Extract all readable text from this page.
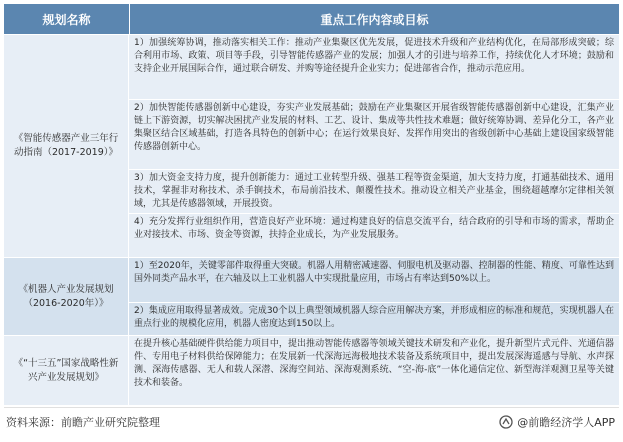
规划名称	重点工作内容或目标
《智能传感器产业三年行动指南（2017-2019）》
1）加强统筹协调，推动落实相关工作：推动产业集聚区优先发展，促进技术升级和产业结构优化，在局部形成突破；综合利用市场、政策、项目等手段，引导智能传感器产业的发展；加强人才的引进与培养工作，持续优化人才环境；鼓励和支持企业开展国际合作，通过联合研发、并购等途径提升企业实力；促进部省合作，推动示范应用。
2）加快智能传感器创新中心建设，夯实产业发展基础；鼓励在产业集聚区开展省级智能传感器创新中心建设，汇集产业链上下游资源，切实解决困扰产业发展的材料、工艺、设计、集成等共性技术难题；做好统筹协调、差异化分工，各产业集聚区结合区域基础，打造各具特色的创新中心；在运行效果良好、发挥作用突出的省级创新中心基础上建设国家级智能传感器创新中心。
3）加大资金支持力度，提升创新能力：通过工业转型升级、强基工程等资金渠道，加大支持力度，打通基础技术、通用技术，掌握非对称技术、杀手锏技术，布局前沿技术、颠覆性技术。推动设立相关产业基金，围绕超越摩尔定律相关领域，尤其是传感器领域，开展投资。
4）充分发挥行业组织作用，营造良好产业环境：通过构建良好的信息交流平台，结合政府的引导和市场的需求，帮助企业对接技术、市场、资金等资源，扶持企业成长，为产业发展服务。
《机器人产业发展规划（2016-2020年）》
1）至2020年，关键零部件取得重大突破。机器人用精密减速器、伺服电机及驱动器、控制器的性能、精度、可靠性达到国外同类产品水平，在六轴及以上工业机器人中实现批量应用，市场占有率达到50%以上。
2）集成应用取得显著成效。完成30个以上典型领域机器人综合应用解决方案，并形成相应的标准和规范，实现机器人在重点行业的规模化应用，机器人密度达到150以上。
《“十三五”国家战略性新兴产业发展规划》
在提升核心基础硬件供给能力项目中，提出推动智能传感器等领域关键技术研发和产业化，提升新型片式元件、光通信器件、专用电子材料供给保障能力；在发展新一代深海远海极地技术装备及系统项目中，提出发展深海遥感与导航、水声探测、深海传感器、无人和载人深潜、深海空间站、深海观测系统、“空-海-底”一体化通信定位、新型海洋观测卫星等关键技术和装备。
资料来源：前瞻产业研究院整理	@前瞻经济学人APP
